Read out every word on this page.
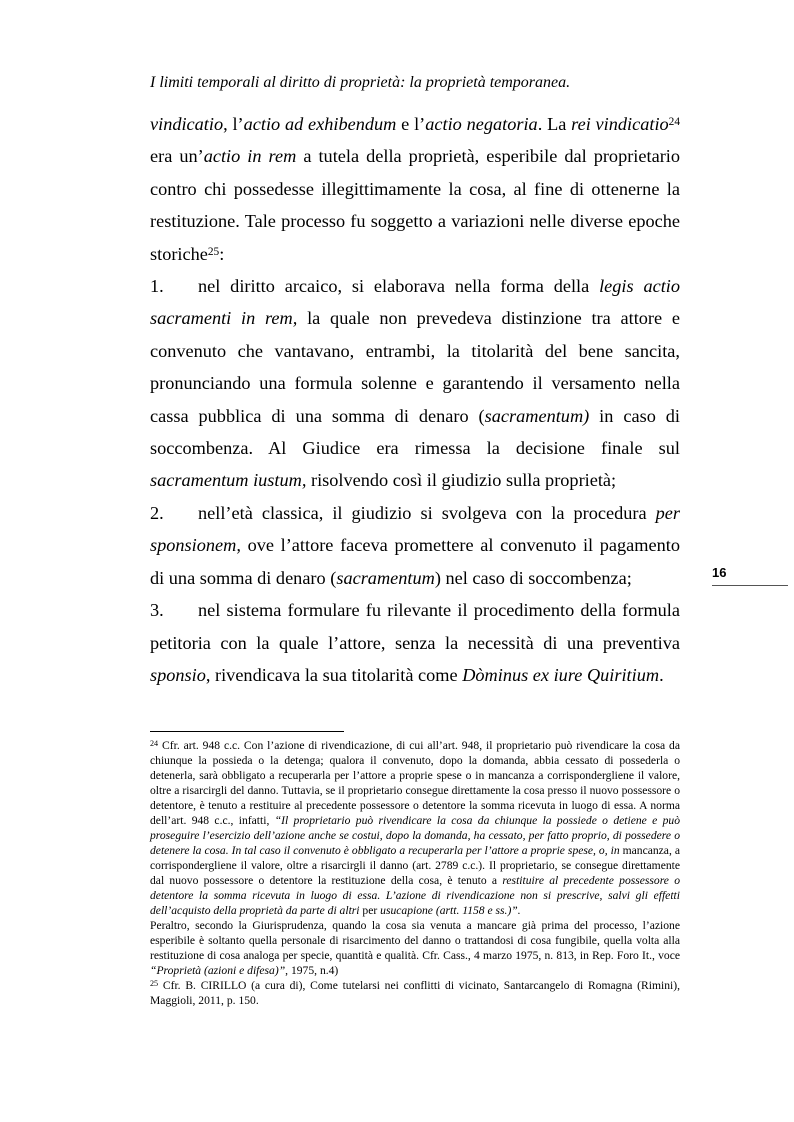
I limiti temporali al diritto di proprietà: la proprietà temporanea.

vindicatio, l’actio ad exhibendum e l’actio negatoria. La rei vindicatio$^{24}$ era un’actio in rem a tutela della proprietà, esperibile dal proprietario contro chi possedesse illegittimamente la cosa, al fine di ottenerne la restituzione. Tale processo fu soggetto a variazioni nelle diverse epoche storiche$^{25}$:

1. nel diritto arcaico, si elaborava nella forma della legis actio sacramenti in rem, la quale non prevedeva distinzione tra attore e convenuto che vantavano, entrambi, la titolarità del bene sancita, pronunciando una formula solenne e garantendo il versamento nella cassa pubblica di una somma di denaro (sacramentum) in caso di soccombenza. Al Giudice era rimessa la decisione finale sul sacramentum iustum, risolvendo così il giudizio sulla proprietà;

2. nell’età classica, il giudizio si svolgeva con la procedura per sponsionem, ove l’attore faceva promettere al convenuto il pagamento di una somma di denaro (sacramentum) nel caso di soccombenza;

3. nel sistema formulare fu rilevante il procedimento della formula petitoria con la quale l’attore, senza la necessità di una preventiva sponsio, rivendicava la sua titolarità come Dòminus ex iure Quiritium.

16

$^{24}$ Cfr. art. 948 c.c. Con l’azione di rivendicazione, di cui all’art. 948, il proprietario può rivendicare la cosa da chiunque la possieda o la detenga; qualora il convenuto, dopo la domanda, abbia cessato di possederla o detenerla, sarà obbligato a recuperarla per l’attore a proprie spese o in mancanza a corrispondergliene il valore, oltre a risarcirgli del danno. Tuttavia, se il proprietario consegue direttamente la cosa presso il nuovo possessore o detentore, è tenuto a restituire al precedente possessore o detentore la somma ricevuta in luogo di essa. A norma dell’art. 948 c.c., infatti, “Il proprietario può rivendicare la cosa da chiunque la possiede o detiene e può proseguire l’esercizio dell’azione anche se costui, dopo la domanda, ha cessato, per fatto proprio, di possedere o detenere la cosa. In tal caso il convenuto è obbligato a recuperarla per l’attore a proprie spese, o, in mancanza, a corrispondergliene il valore, oltre a risarcirgli il danno (art. 2789 c.c.). Il proprietario, se consegue direttamente dal nuovo possessore o detentore la restituzione della cosa, è tenuto a restituire al precedente possessore o detentore la somma ricevuta in luogo di essa. L’azione di rivendicazione non si prescrive, salvi gli effetti dell’acquisto della proprietà da parte di altri per usucapione (artt. 1158 e ss.)”.

Peraltro, secondo la Giurisprudenza, quando la cosa sia venuta a mancare già prima del processo, l’azione esperibile è soltanto quella personale di risarcimento del danno o trattandosi di cosa fungibile, quella volta alla restituzione di cosa analoga per specie, quantità e qualità. Cfr. Cass., 4 marzo 1975, n. 813, in Rep. Foro It., voce “Proprietà (azioni e difesa)”, 1975, n.4)

$^{25}$ Cfr. B. CIRILLO (a cura di), Come tutelarsi nei conflitti di vicinato, Santarcangelo di Romagna (Rimini), Maggioli, 2011, p. 150.
